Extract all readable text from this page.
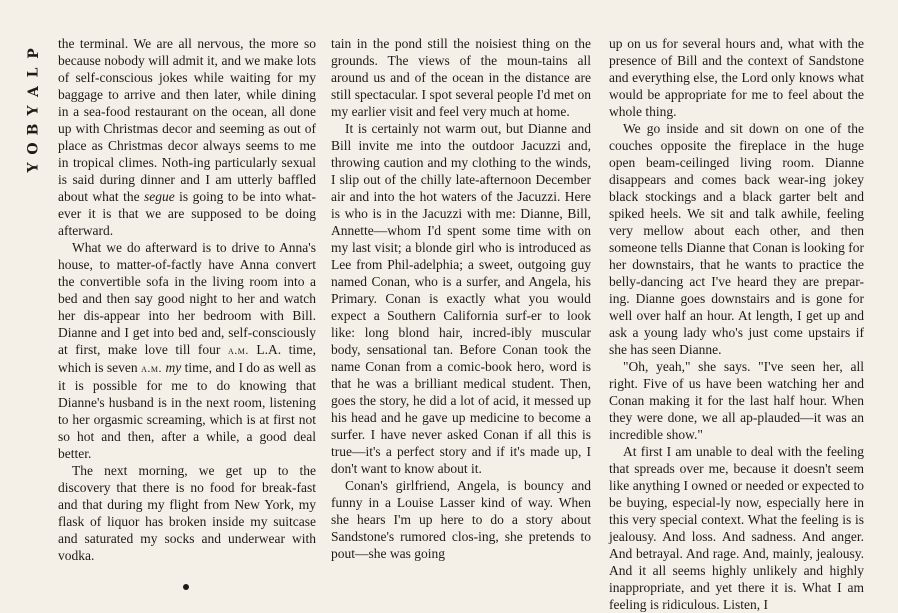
P
L
A
Y
B
O
Y

the terminal. We are all nervous, the more so because nobody will admit it, and we make lots of self-conscious jokes while waiting for my baggage to arrive and then later, while dining in a sea-food restaurant on the ocean, all done up with Christmas decor and seeming as out of place as Christmas decor always seems to me in tropical climes. Noth-ing particularly sexual is said during dinner and I am utterly baffled about what the segue is going to be into what-ever it is that we are supposed to be doing afterward.

What we do afterward is to drive to Anna's house, to matter-of-factly have Anna convert the convertible sofa in the living room into a bed and then say good night to her and watch her dis-appear into her bedroom with Bill. Dianne and I get into bed and, self-consciously at first, make love till four a.m. L.A. time, which is seven a.m. my time, and I do as well as it is possible for me to do knowing that Dianne's husband is in the next room, listening to her orgasmic screaming, which is at first not so hot and then, after a while, a good deal better.

The next morning, we get up to the discovery that there is no food for break-fast and that during my flight from New York, my flask of liquor has broken inside my suitcase and saturated my socks and underwear with vodka.

tain in the pond still the noisiest thing on the grounds. The views of the moun-tains all around us and of the ocean in the distance are still spectacular. I spot several people I'd met on my earlier visit and feel very much at home.

It is certainly not warm out, but Dianne and Bill invite me into the outdoor Jacuzzi and, throwing caution and my clothing to the winds, I slip out of the chilly late-afternoon December air and into the hot waters of the Jacuzzi. Here is who is in the Jacuzzi with me: Dianne, Bill, Annette—whom I'd spent some time with on my last visit; a blonde girl who is introduced as Lee from Phil-adelphia; a sweet, outgoing guy named Conan, who is a surfer, and Angela, his Primary. Conan is exactly what you would expect a Southern California surf-er to look like: long blond hair, incred-ibly muscular body, sensational tan. Before Conan took the name Conan from a comic-book hero, word is that he was a brilliant medical student. Then, goes the story, he did a lot of acid, it messed up his head and he gave up medicine to become a surfer. I have never asked Conan if all this is true—it's a perfect story and if it's made up, I don't want to know about it.

Conan's girlfriend, Angela, is bouncy and funny in a Louise Lasser kind of way. When she hears I'm up here to do a story about Sandstone's rumored clos-ing, she pretends to pout—she was going

up on us for several hours and, what with the presence of Bill and the context of Sandstone and everything else, the Lord only knows what would be appropriate for me to feel about the whole thing.

We go inside and sit down on one of the couches opposite the fireplace in the huge open beam-ceilinged living room. Dianne disappears and comes back wear-ing jokey black stockings and a black garter belt and spiked heels. We sit and talk awhile, feeling very mellow about each other, and then someone tells Dianne that Conan is looking for her downstairs, that he wants to practice the belly-dancing act I've heard they are prepar-ing. Dianne goes downstairs and is gone for well over half an hour. At length, I get up and ask a young lady who's just come upstairs if she has seen Dianne.

"Oh, yeah," she says. "I've seen her, all right. Five of us have been watching her and Conan making it for the last half hour. When they were done, we all ap-plauded—it was an incredible show."

At first I am unable to deal with the feeling that spreads over me, because it doesn't seem like anything I owned or needed or expected to be buying, especial-ly now, especially here in this very special context. What the feeling is is jealousy. And loss. And sadness. And anger. And betrayal. And rage. And, mainly, jealousy. And it all seems highly unlikely and highly inappropriate, and yet there it is. What I am feeling is ridiculous. Listen, I
